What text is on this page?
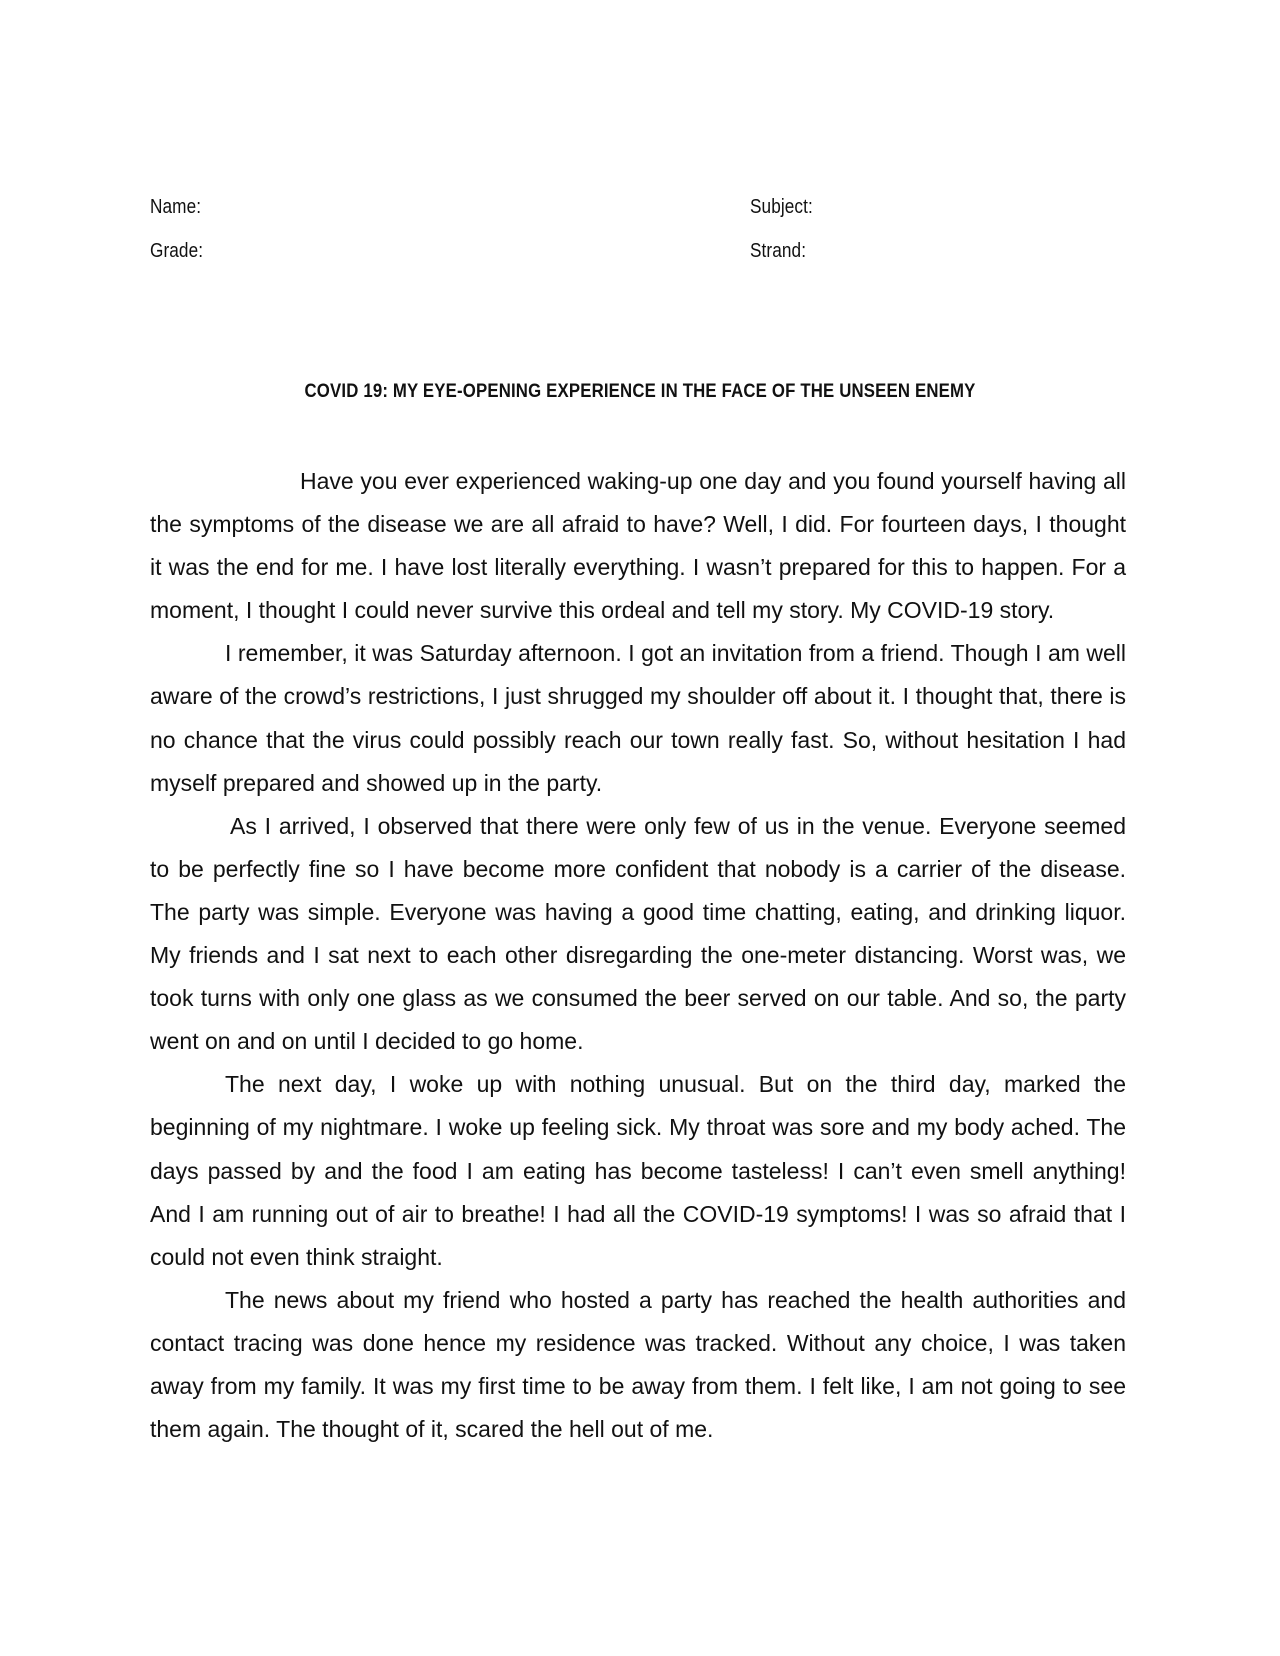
Name:	Subject:
Grade:	Strand:
COVID 19: MY EYE-OPENING EXPERIENCE IN THE FACE OF THE UNSEEN ENEMY

Have you ever experienced waking-up one day and you found yourself having all the symptoms of the disease we are all afraid to have? Well, I did. For fourteen days, I thought it was the end for me. I have lost literally everything. I wasn’t prepared for this to happen. For a moment, I thought I could never survive this ordeal and tell my story. My COVID-19 story.

I remember, it was Saturday afternoon. I got an invitation from a friend. Though I am well aware of the crowd’s restrictions, I just shrugged my shoulder off about it. I thought that, there is no chance that the virus could possibly reach our town really fast. So, without hesitation I had myself prepared and showed up in the party.

As I arrived, I observed that there were only few of us in the venue. Everyone seemed to be perfectly fine so I have become more confident that nobody is a carrier of the disease. The party was simple. Everyone was having a good time chatting, eating, and drinking liquor. My friends and I sat next to each other disregarding the one-meter distancing. Worst was, we took turns with only one glass as we consumed the beer served on our table. And so, the party went on and on until I decided to go home.

The next day, I woke up with nothing unusual. But on the third day, marked the beginning of my nightmare. I woke up feeling sick. My throat was sore and my body ached. The days passed by and the food I am eating has become tasteless! I can’t even smell anything! And I am running out of air to breathe! I had all the COVID-19 symptoms! I was so afraid that I could not even think straight.

The news about my friend who hosted a party has reached the health authorities and contact tracing was done hence my residence was tracked. Without any choice, I was taken away from my family. It was my first time to be away from them. I felt like, I am not going to see them again. The thought of it, scared the hell out of me.
